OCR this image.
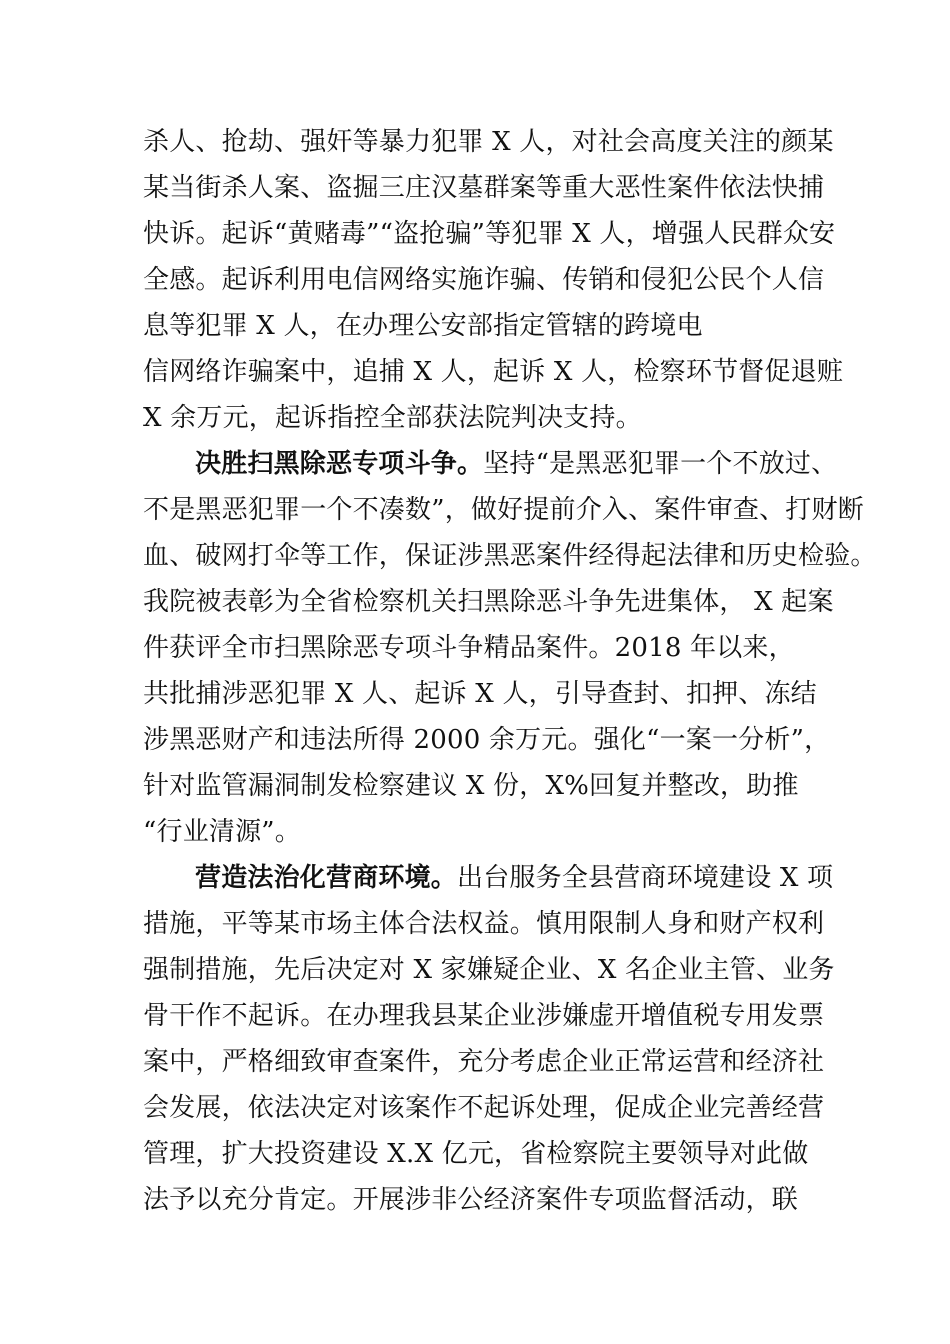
杀人、抢劫、强奸等暴力犯罪 X 人，对社会高度关注的颜某
某当街杀人案、盗掘三庄汉墓群案等重大恶性案件依法快捕
快诉。起诉“黄赌毒”“盗抢骗”等犯罪 X 人，增强人民群众安
全感。起诉利用电信网络实施诈骗、传销和侵犯公民个人信
息等犯罪 X 人，在办理公安部指定管辖的跨境电
信网络诈骗案中，追捕 X 人，起诉 X 人，检察环节督促退赃
X 余万元，起诉指控全部获法院判决支持。
决胜扫黑除恶专项斗争。坚持“是黑恶犯罪一个不放过、
不是黑恶犯罪一个不凑数”，做好提前介入、案件审查、打财断
血、破网打伞等工作，保证涉黑恶案件经得起法律和历史检验。
我院被表彰为全省检察机关扫黑除恶斗争先进集体， X 起案
件获评全市扫黑除恶专项斗争精品案件。2018 年以来，
共批捕涉恶犯罪 X 人、起诉 X 人，引导查封、扣押、冻结
涉黑恶财产和违法所得 2000 余万元。强化“一案一分析”，
针对监管漏洞制发检察建议 X 份，X%回复并整改，助推
“行业清源”。
营造法治化营商环境。出台服务全县营商环境建设 X 项
措施，平等某市场主体合法权益。慎用限制人身和财产权利
强制措施，先后决定对 X 家嫌疑企业、X 名企业主管、业务
骨干作不起诉。在办理我县某企业涉嫌虚开增值税专用发票
案中，严格细致审查案件，充分考虑企业正常运营和经济社
会发展，依法决定对该案作不起诉处理，促成企业完善经营
管理，扩大投资建设 X.X 亿元，省检察院主要领导对此做
法予以充分肯定。开展涉非公经济案件专项监督活动，联
